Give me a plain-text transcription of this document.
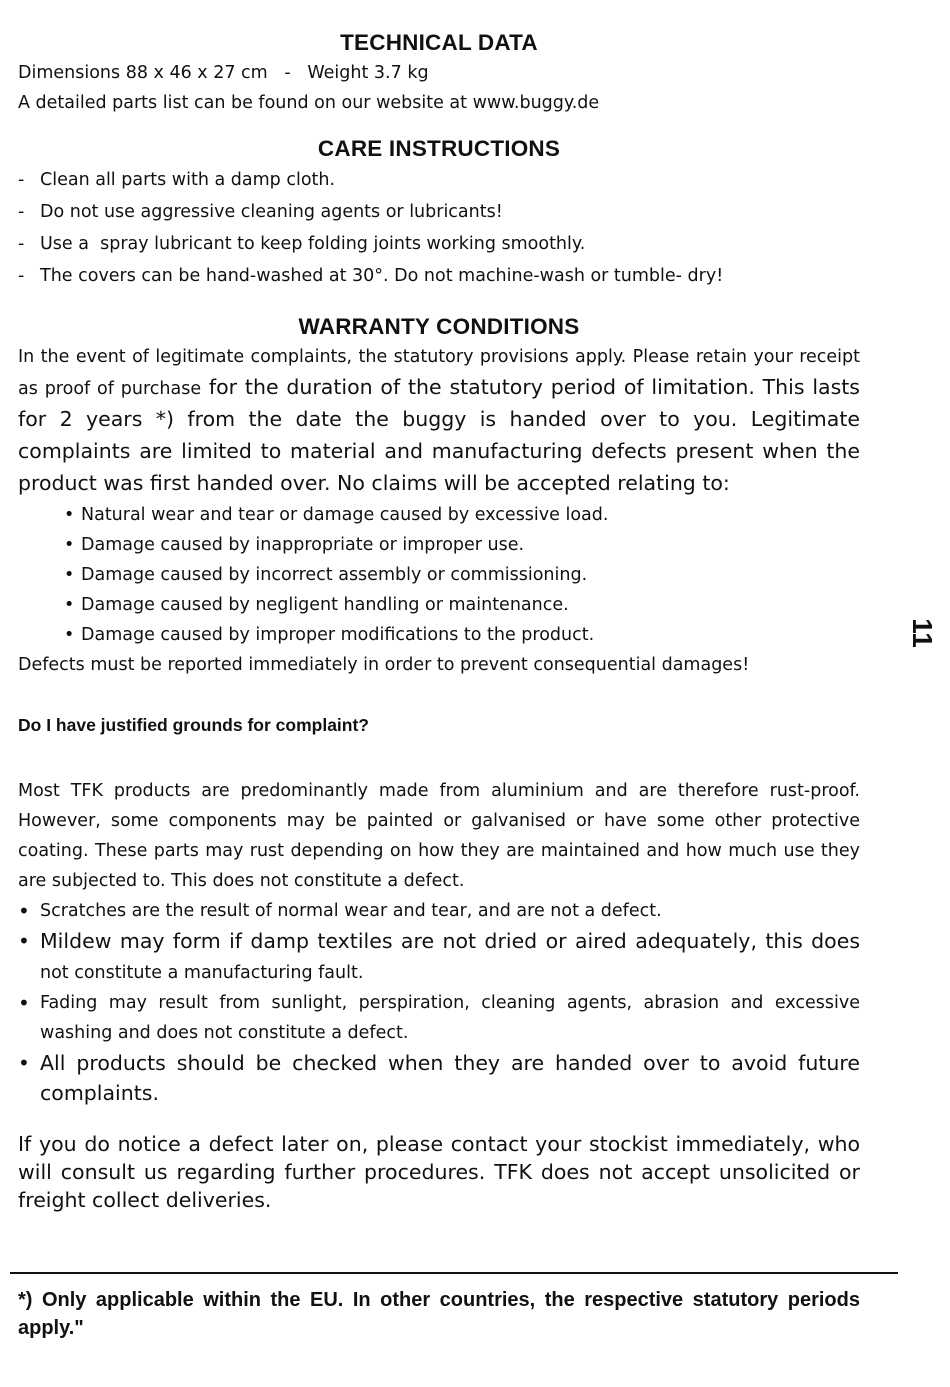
TECHNICAL DATA
Dimensions 88 x 46 x 27 cm   -   Weight 3.7 kg
A detailed parts list can be found on our website at www.buggy.de
CARE INSTRUCTIONS
- Clean all parts with a damp cloth.
- Do not use aggressive cleaning agents or lubricants!
- Use a  spray lubricant to keep folding joints working smoothly.
- The covers can be hand-washed at 30°. Do not machine-wash or tumble- dry!
WARRANTY CONDITIONS

In the event of legitimate complaints, the statutory provisions apply. Please retain your receipt as proof of purchase for the duration of the statutory period of limitation. This lasts for 2 years *) from the date the buggy is handed over to you. Legitimate complaints are limited to material and manufacturing defects present when the product was first handed over. No claims will be accepted relating to:

• Natural wear and tear or damage caused by excessive load.
• Damage caused by inappropriate or improper use.
• Damage caused by incorrect assembly or commissioning.
• Damage caused by negligent handling or maintenance.
• Damage caused by improper modifications to the product.
Defects must be reported immediately in order to prevent consequential damages!
Do I have justified grounds for complaint?

Most TFK products are predominantly made from aluminium and are therefore rust-proof. However, some components may be painted or galvanised or have some other protective coating. These parts may rust depending on how they are maintained and how much use they are subjected to. This does not constitute a defect.

• Scratches are the result of normal wear and tear, and are not a defect.
• Mildew may form if damp textiles are not dried or aired adequately, this does not constitute a manufacturing fault.
• Fading may result from sunlight, perspiration, cleaning agents, abrasion and excessive washing and does not constitute a defect.
• All products should be checked when they are handed over to avoid future complaints.

If you do notice a defect later on, please contact your stockist immediately, who will consult us regarding further procedures. TFK does not accept unsolicited or freight collect deliveries.

*) Only applicable within the EU. In other countries, the respective statutory periods apply."

11
